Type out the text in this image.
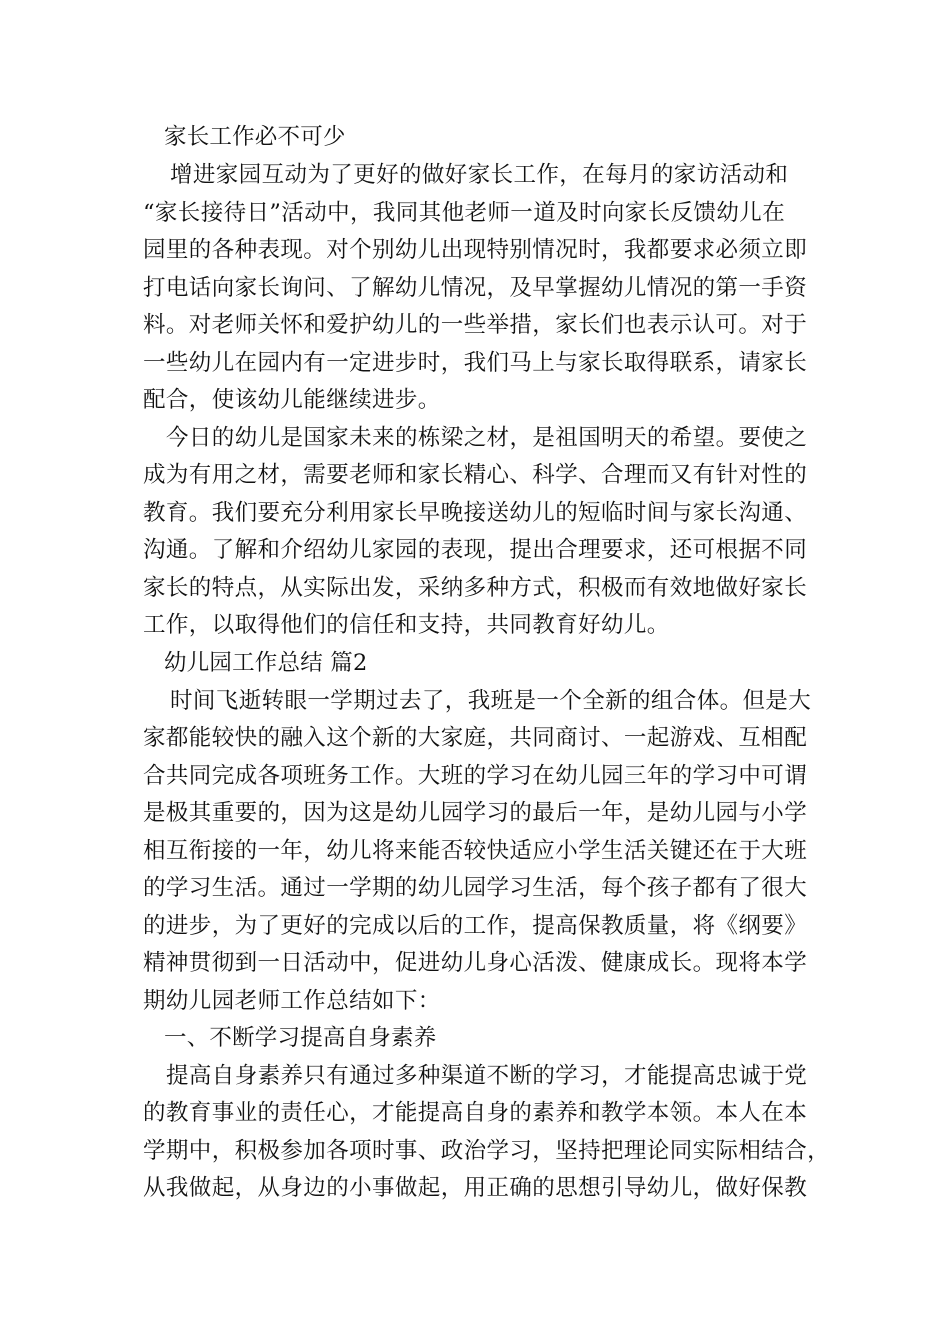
家长工作必不可少
增进家园互动为了更好的做好家长工作，在每月的家访活动和
“家长接待日”活动中，我同其他老师一道及时向家长反馈幼儿在
园里的各种表现。对个别幼儿出现特别情况时，我都要求必须立即
打电话向家长询问、了解幼儿情况，及早掌握幼儿情况的第一手资
料。对老师关怀和爱护幼儿的一些举措，家长们也表示认可。对于
一些幼儿在园内有一定进步时，我们马上与家长取得联系，请家长
配合，使该幼儿能继续进步。
今日的幼儿是国家未来的栋梁之材，是祖国明天的希望。要使之
成为有用之材，需要老师和家长精心、科学、合理而又有针对性的
教育。我们要充分利用家长早晚接送幼儿的短临时间与家长沟通、
沟通。了解和介绍幼儿家园的表现，提出合理要求，还可根据不同
家长的特点，从实际出发，采纳多种方式，积极而有效地做好家长
工作，以取得他们的信任和支持，共同教育好幼儿。
幼儿园工作总结 篇2
时间飞逝转眼一学期过去了，我班是一个全新的组合体。但是大
家都能较快的融入这个新的大家庭，共同商讨、一起游戏、互相配
合共同完成各项班务工作。大班的学习在幼儿园三年的学习中可谓
是极其重要的，因为这是幼儿园学习的最后一年，是幼儿园与小学
相互衔接的一年，幼儿将来能否较快适应小学生活关键还在于大班
的学习生活。通过一学期的幼儿园学习生活，每个孩子都有了很大
的进步，为了更好的完成以后的工作，提高保教质量，将《纲要》
精神贯彻到一日活动中，促进幼儿身心活泼、健康成长。现将本学
期幼儿园老师工作总结如下：
一、不断学习提高自身素养
提高自身素养只有通过多种渠道不断的学习，才能提高忠诚于党
的教育事业的责任心，才能提高自身的素养和教学本领。本人在本
学期中，积极参加各项时事、政治学习，坚持把理论同实际相结合，
从我做起，从身边的小事做起，用正确的思想引导幼儿，做好保教
